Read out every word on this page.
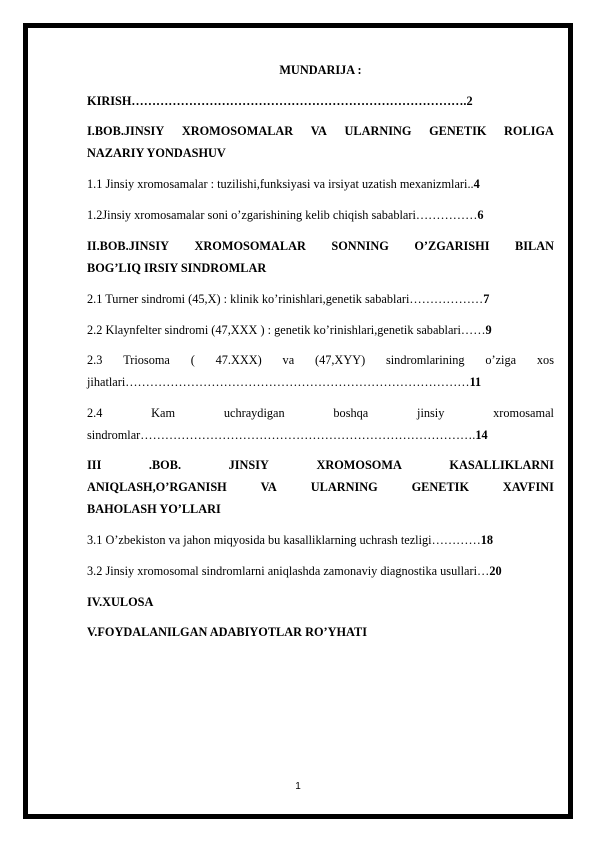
MUNDARIJA :
KIRISH……………………………………………………………………….2
I.BOB.JINSIY XROMOSOMALAR VA ULARNING GENETIK ROLIGA
NAZARIY YONDASHUV
1.1 Jinsiy xromosamalar : tuzilishi,funksiyasi va irsiyat uzatish mexanizmlari..4
1.2Jinsiy xromosamalar soni o’zgarishining kelib chiqish sabablari……………6
II.BOB.JINSIY XROMOSOMALAR SONNING O’ZGARISHI BILAN
BOG’LIQ IRSIY SINDROMLAR
2.1 Turner sindromi (45,X) : klinik ko’rinishlari,genetik sabablari………………7
2.2 Klaynfelter sindromi (47,XXX ) : genetik ko’rinishlari,genetik sabablari……9
2.3 Triosoma ( 47.XXX) va (47,XYY) sindromlarining o’ziga xos
jihatlari…………………………………………………………………………11
2.4	Kam	uchraydigan	boshqa	jinsiy	xromosamal
sindromlar……………………………………………………………………….14
III	.BOB.	JINSIY	XROMOSOMA	KASALLIKLARNI
ANIQLASH,O’RGANISH	VA	ULARNING	GENETIK	XAVFINI
BAHOLASH YO’LLARI
3.1 O’zbekiston va jahon miqyosida bu kasalliklarning uchrash tezligi…………18
3.2 Jinsiy xromosomal sindromlarni aniqlashda zamonaviy diagnostika usullari…20
IV.XULOSA
V.FOYDALANILGAN ADABIYOTLAR RO’YHATI
1
